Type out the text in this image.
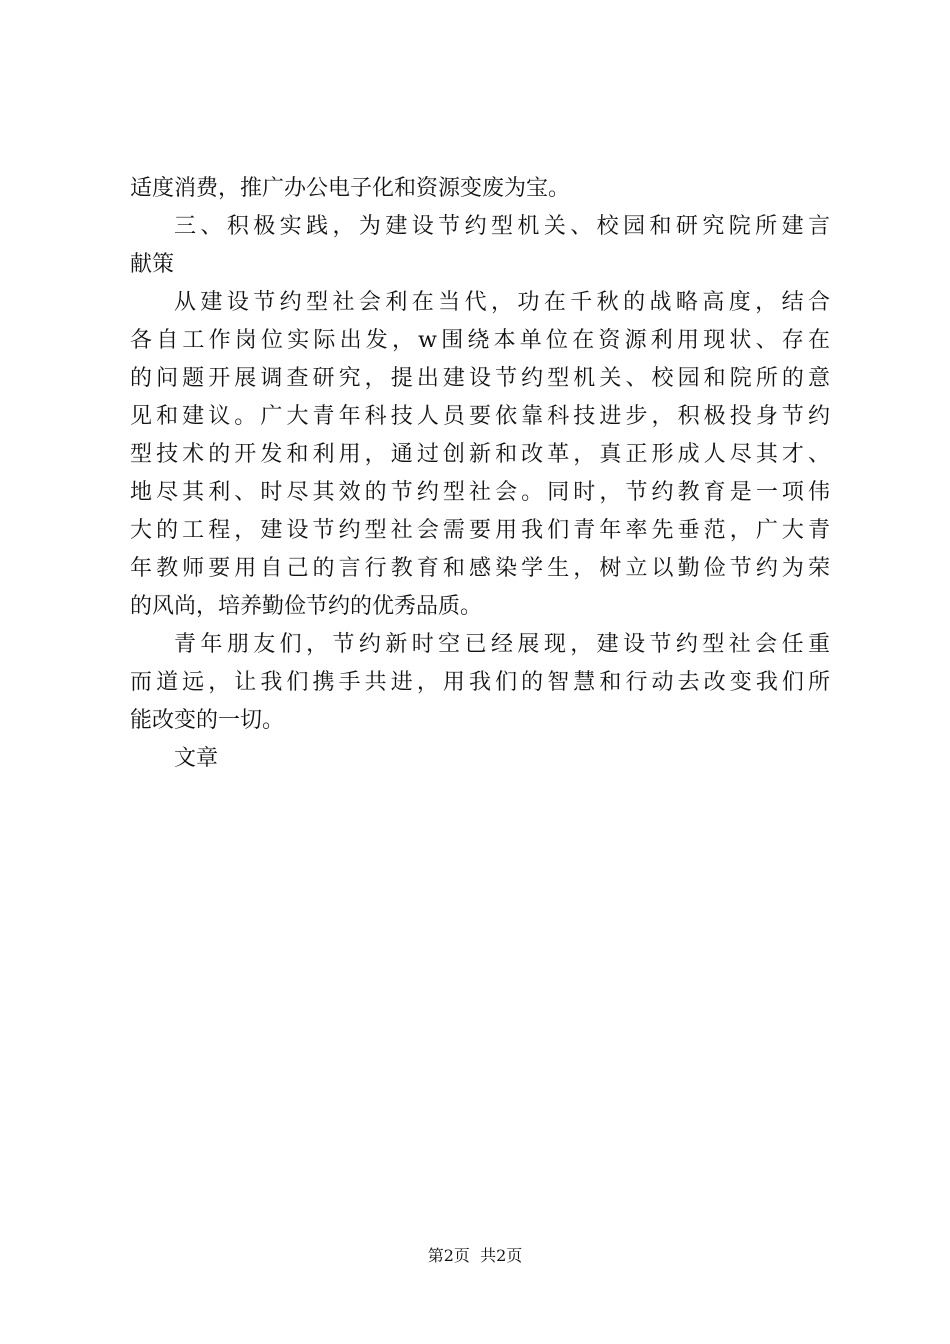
适度消费，推广办公电子化和资源变废为宝。
三、积极实践，为建设节约型机关、校园和研究院所建言
献策
从建设节约型社会利在当代，功在千秋的战略高度，结合
各自工作岗位实际出发，w围绕本单位在资源利用现状、存在
的问题开展调查研究，提出建设节约型机关、校园和院所的意
见和建议。广大青年科技人员要依靠科技进步，积极投身节约
型技术的开发和利用，通过创新和改革，真正形成人尽其才、
地尽其利、时尽其效的节约型社会。同时，节约教育是一项伟
大的工程，建设节约型社会需要用我们青年率先垂范，广大青
年教师要用自己的言行教育和感染学生，树立以勤俭节约为荣
的风尚，培养勤俭节约的优秀品质。
青年朋友们，节约新时空已经展现，建设节约型社会任重
而道远，让我们携手共进，用我们的智慧和行动去改变我们所
能改变的一切。
文章
第2页  共2页
